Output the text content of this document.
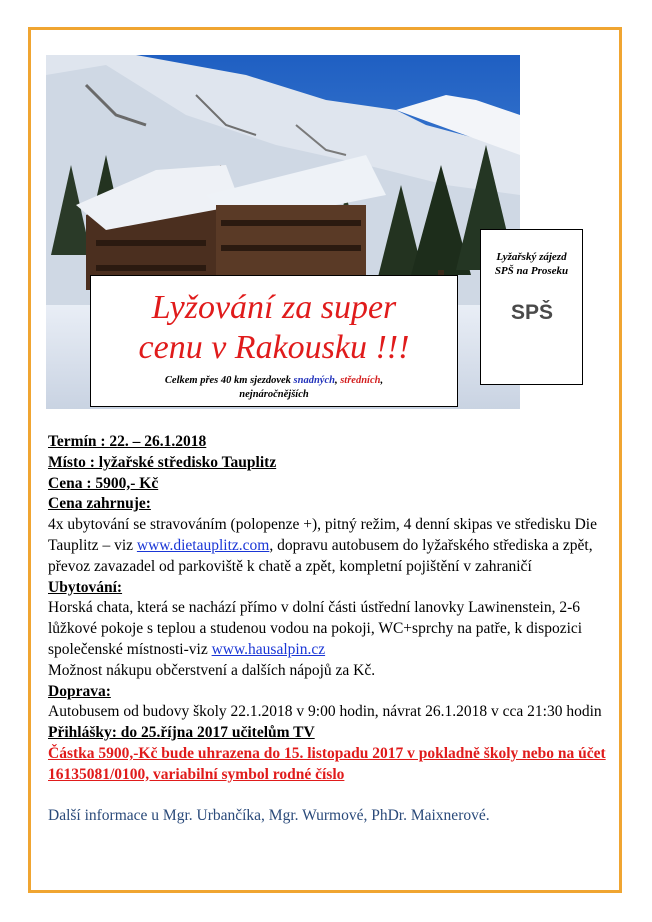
Lyžování za super
cenu v Rakousku !!!
Celkem přes 40 km sjezdovek snadných, středních,
nejnáročnějších
Lyžařský zájezd SPŠ na Proseku
SPŠ

Termín : 22. – 26.1.2018

Místo : lyžařské středisko Tauplitz

Cena : 5900,- Kč

Cena zahrnuje:

4x ubytování se stravováním (polopenze +), pitný režim, 4 denní skipas ve středisku Die Tauplitz – viz www.dietauplitz.com, dopravu autobusem do lyžařského střediska a zpět, převoz zavazadel od parkoviště k chatě a zpět, kompletní pojištění v zahraničí

Ubytování:

Horská chata, která se nachází přímo v dolní části ústřední lanovky Lawinenstein, 2-6 lůžkové pokoje s teplou a studenou vodou na pokoji, WC+sprchy na patře, k dispozici společenské místnosti-viz www.hausalpin.cz

Možnost nákupu občerstvení a dalších nápojů za Kč.

Doprava:

Autobusem od budovy školy 22.1.2018 v 9:00 hodin, návrat 26.1.2018 v cca 21:30 hodin

Přihlášky: do 25.října 2017 učitelům TV

Částka 5900,-Kč bude uhrazena do 15. listopadu 2017 v pokladně školy nebo na účet 16135081/0100, variabilní symbol rodné číslo

Další informace u Mgr. Urbančíka, Mgr. Wurmové, PhDr. Maixnerové.
